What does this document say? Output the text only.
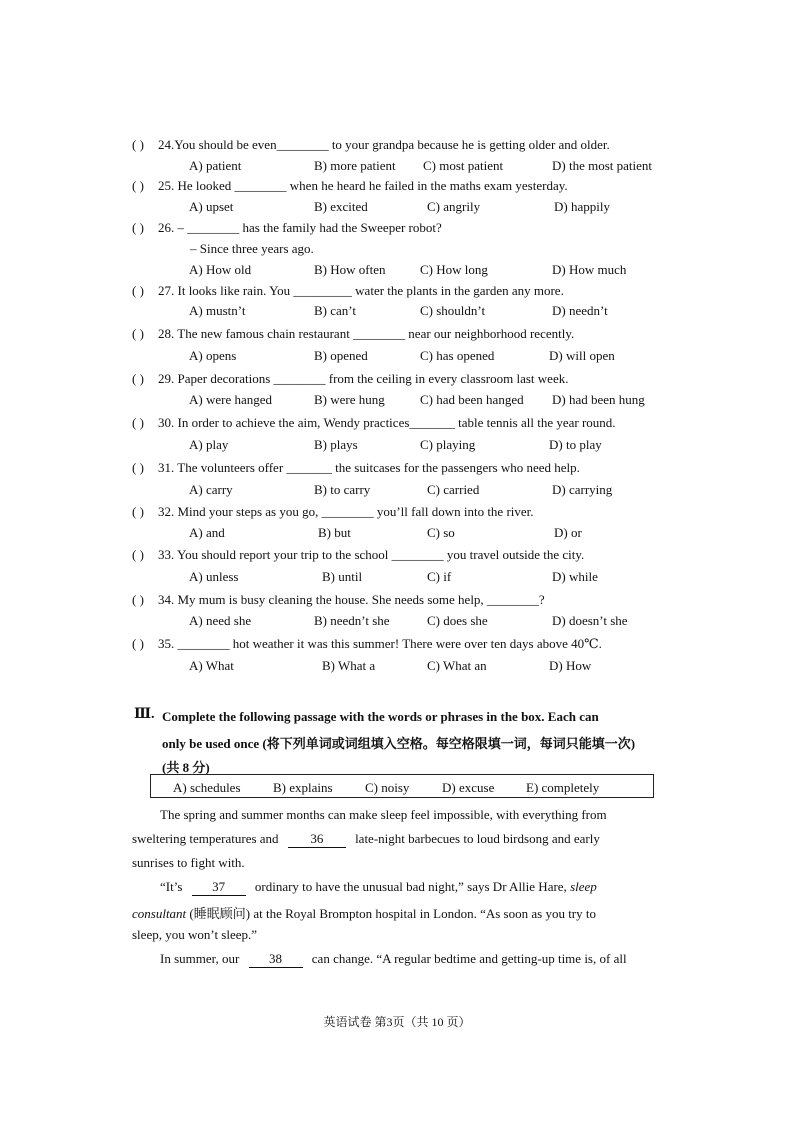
( ) 24.You should be even________ to your grandpa because he is getting older and older.
A) patient	B) more patient C) most patient	D) the most patient
( ) 25. He looked ________ when he heard he failed in the maths exam yesterday.
A) upset	B) excited	C) angrily	D) happily
( ) 26. – ________ has the family had the Sweeper robot?
– Since three years ago.
A) How old	B) How often	C) How long	D) How much
( ) 27. It looks like rain. You _________ water the plants in the garden any more.
A) mustn’t	B) can’t	C) shouldn’t	D) needn’t
( ) 28. The new famous chain restaurant ________ near our neighborhood recently.
A) opens	B) opened	C) has opened	D) will open
( ) 29. Paper decorations ________ from the ceiling in every classroom last week.
A) were hanged	B) were hung	C) had been hanged D) had been hung
( ) 30. In order to achieve the aim, Wendy practices_______ table tennis all the year round.
A) play	B) plays	C) playing	D) to play
( ) 31. The volunteers offer _______ the suitcases for the passengers who need help.
A) carry	B) to carry	C) carried	D) carrying
( ) 32. Mind your steps as you go, ________ you’ll fall down into the river.
A) and	B) but	C) so	D) or
( ) 33. You should report your trip to the school ________ you travel outside the city.
A) unless	B) until	C) if	D) while
( ) 34. My mum is busy cleaning the house. She needs some help, ________?
A) need she	B) needn’t she	C) does she	D) doesn’t she
( ) 35. ________ hot weather it was this summer! There were over ten days above 40℃.
A) What	B) What a	C) What an	D) How
Ⅲ. Complete the following passage with the words or phrases in the box. Each can
only be used once (将下列单词或词组填入空格。每空格限填一词，每词只能填一次)
(共 8 分)
A) schedules B) explains C) noisy	D) excuse E) completely
The spring and summer months can make sleep feel impossible, with everything from
sweltering temperatures and 36 late-night barbecues to loud birdsong and early
sunrises to fight with.
“It’s 37 ordinary to have the unusual bad night,” says Dr Allie Hare, sleep
consultant (睡眠顾问) at the Royal Brompton hospital in London. “As soon as you try to
sleep, you won’t sleep.”
In summer, our 38 can change. “A regular bedtime and getting-up time is, of all
英语试卷 第3页（共 10 页）
